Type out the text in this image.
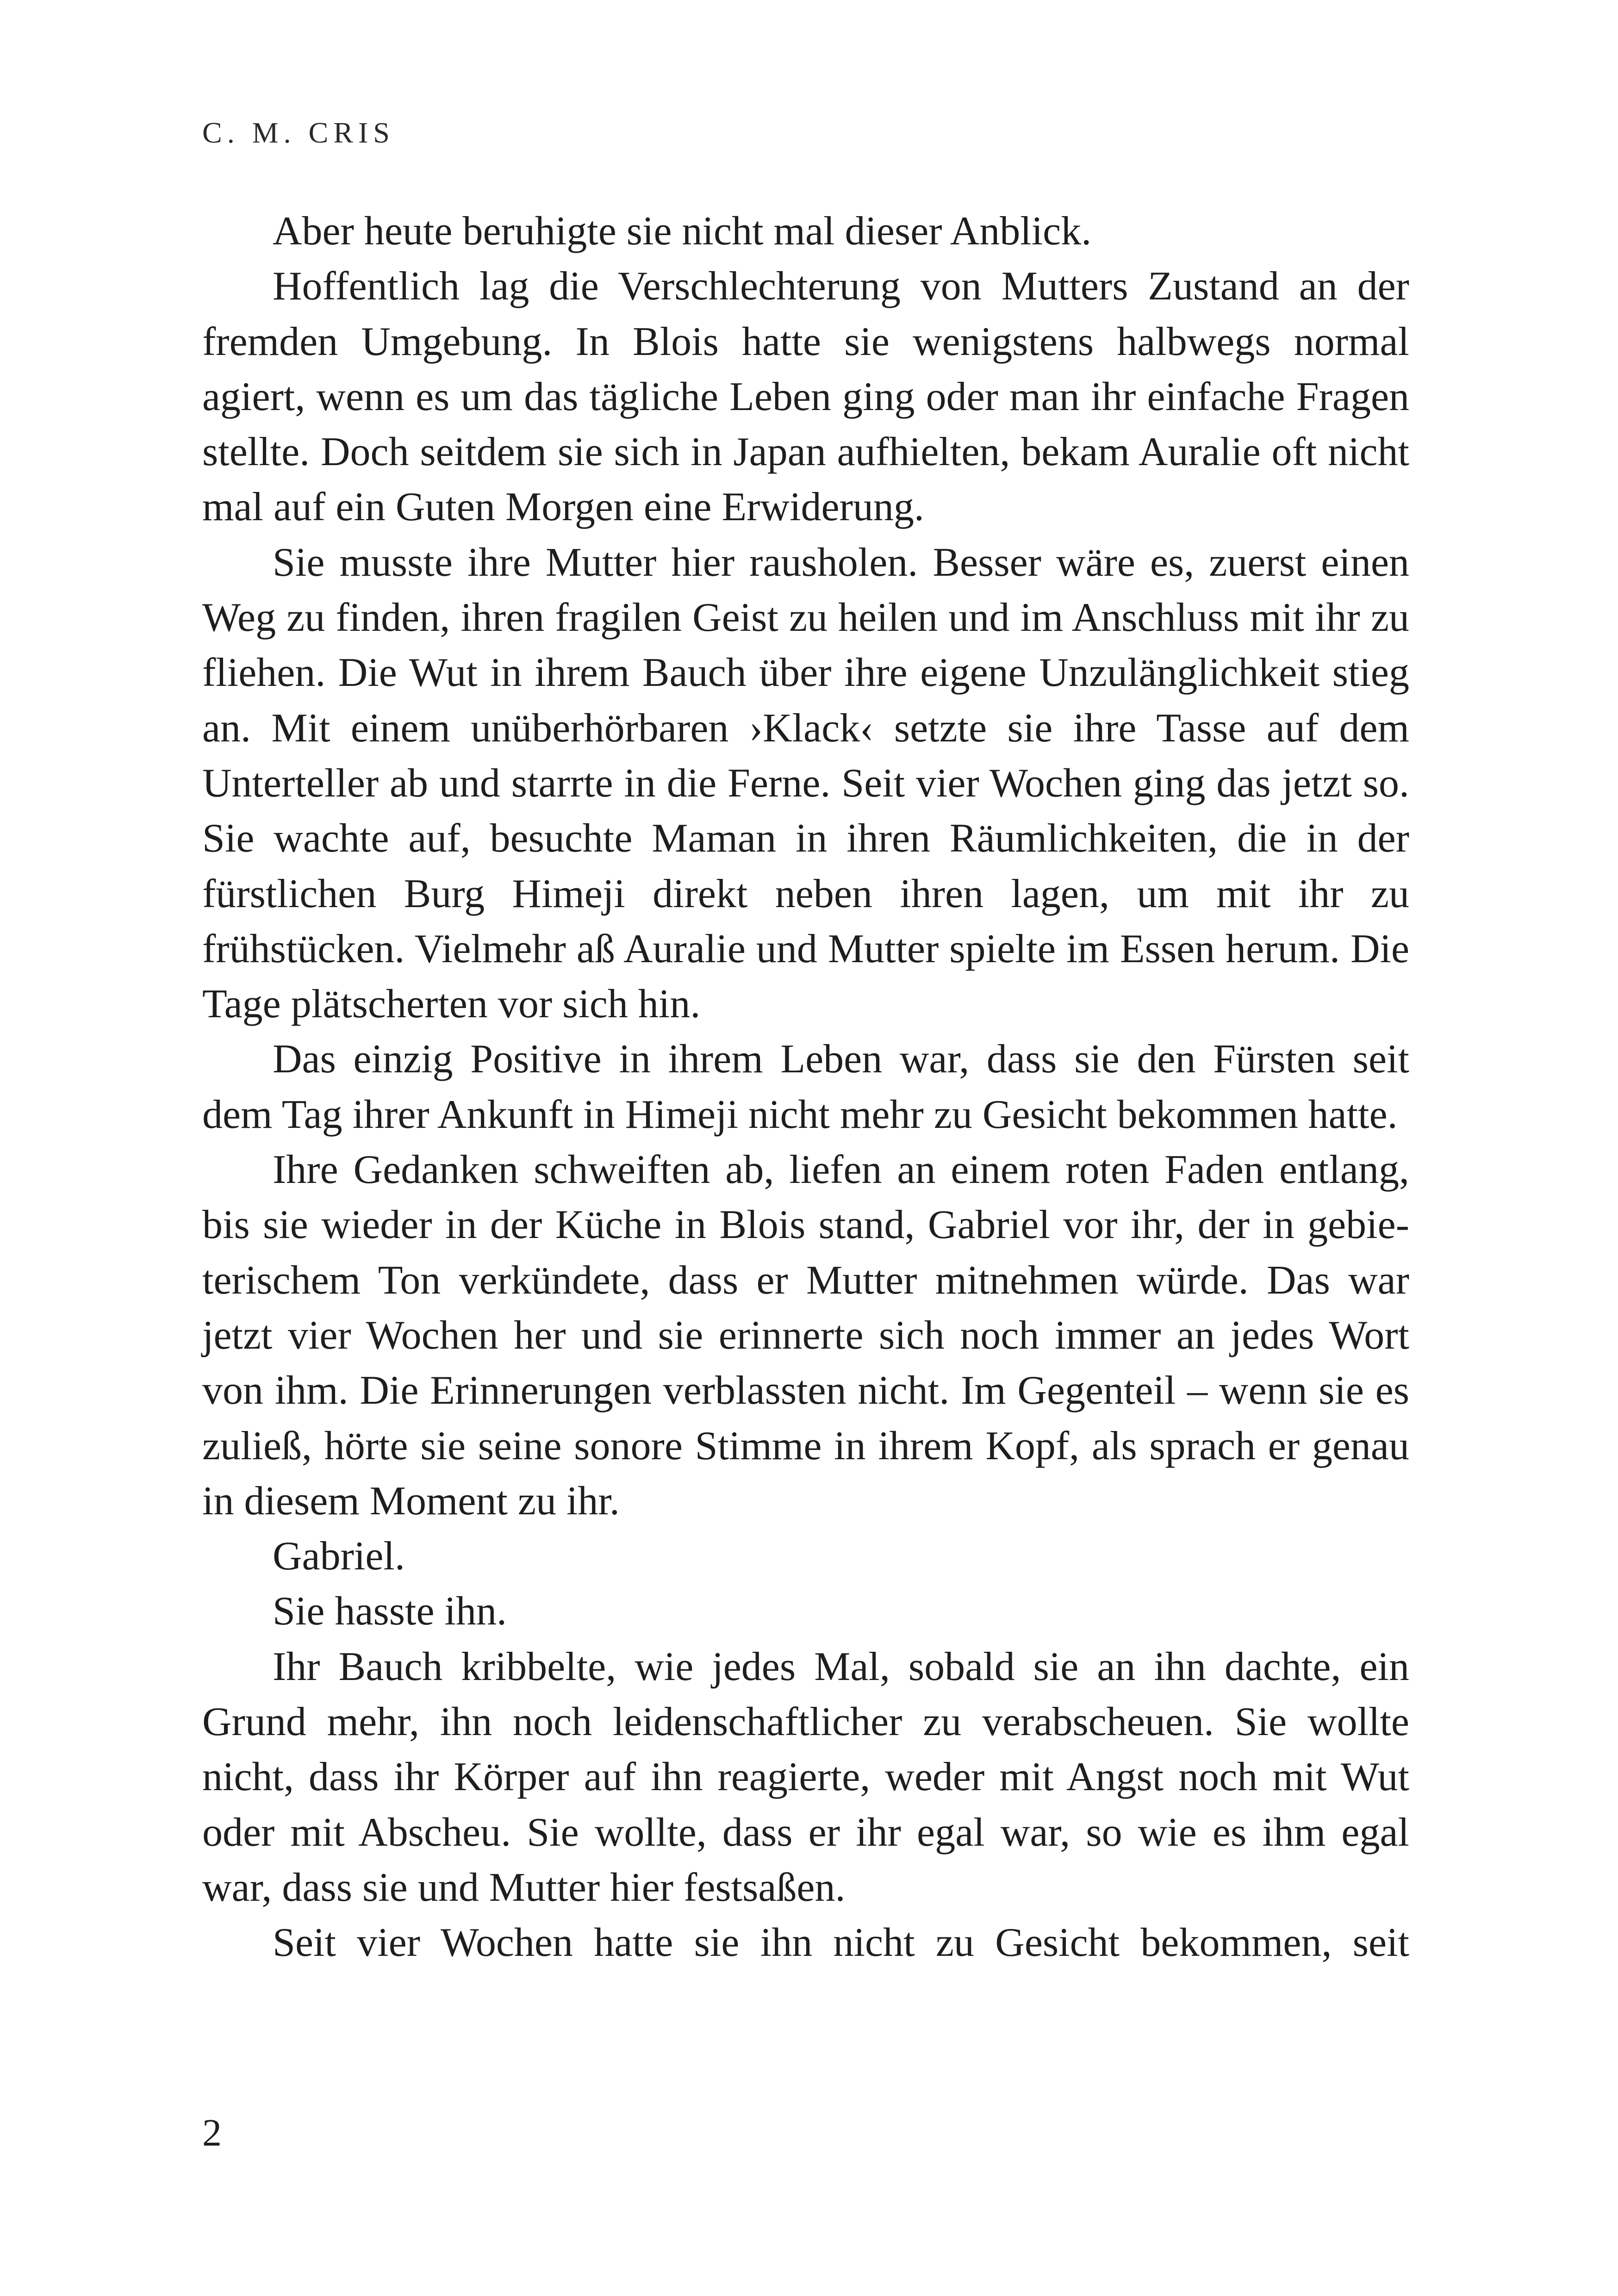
C. M. CRIS

Aber heute beruhigte sie nicht mal dieser Anblick.

Hoffentlich lag die Verschlechterung von Mutters Zustand an der fremden Umgebung. In Blois hatte sie wenigstens halbwegs normal agiert, wenn es um das tägliche Leben ging oder man ihr einfache Fragen stellte. Doch seitdem sie sich in Japan aufhielten, bekam Auralie oft nicht mal auf ein Guten Morgen eine Erwiderung.

Sie musste ihre Mutter hier rausholen. Besser wäre es, zuerst einen Weg zu finden, ihren fragilen Geist zu heilen und im Anschluss mit ihr zu fliehen. Die Wut in ihrem Bauch über ihre eigene Unzulänglichkeit stieg an. Mit einem unüberhörbaren ›Klack‹ setzte sie ihre Tasse auf dem Unterteller ab und starrte in die Ferne. Seit vier Wochen ging das jetzt so. Sie wachte auf, besuchte Maman in ihren Räumlichkeiten, die in der fürstlichen Burg Himeji direkt neben ihren lagen, um mit ihr zu frühstücken. Vielmehr aß Auralie und Mutter spielte im Essen herum. Die Tage plätscherten vor sich hin.

Das einzig Positive in ihrem Leben war, dass sie den Fürsten seit dem Tag ihrer Ankunft in Himeji nicht mehr zu Gesicht bekommen hatte.

Ihre Gedanken schweiften ab, liefen an einem roten Faden entlang, bis sie wieder in der Küche in Blois stand, Gabriel vor ihr, der in gebieterischem Ton verkündete, dass er Mutter mitnehmen würde. Das war jetzt vier Wochen her und sie erinnerte sich noch immer an jedes Wort von ihm. Die Erinnerungen verblassten nicht. Im Gegenteil – wenn sie es zuließ, hörte sie seine sonore Stimme in ihrem Kopf, als sprach er genau in diesem Moment zu ihr.

Gabriel.

Sie hasste ihn.

Ihr Bauch kribbelte, wie jedes Mal, sobald sie an ihn dachte, ein Grund mehr, ihn noch leidenschaftlicher zu verabscheuen. Sie wollte nicht, dass ihr Körper auf ihn reagierte, weder mit Angst noch mit Wut oder mit Abscheu. Sie wollte, dass er ihr egal war, so wie es ihm egal war, dass sie und Mutter hier festsaßen.

Seit vier Wochen hatte sie ihn nicht zu Gesicht bekommen, seit

2
